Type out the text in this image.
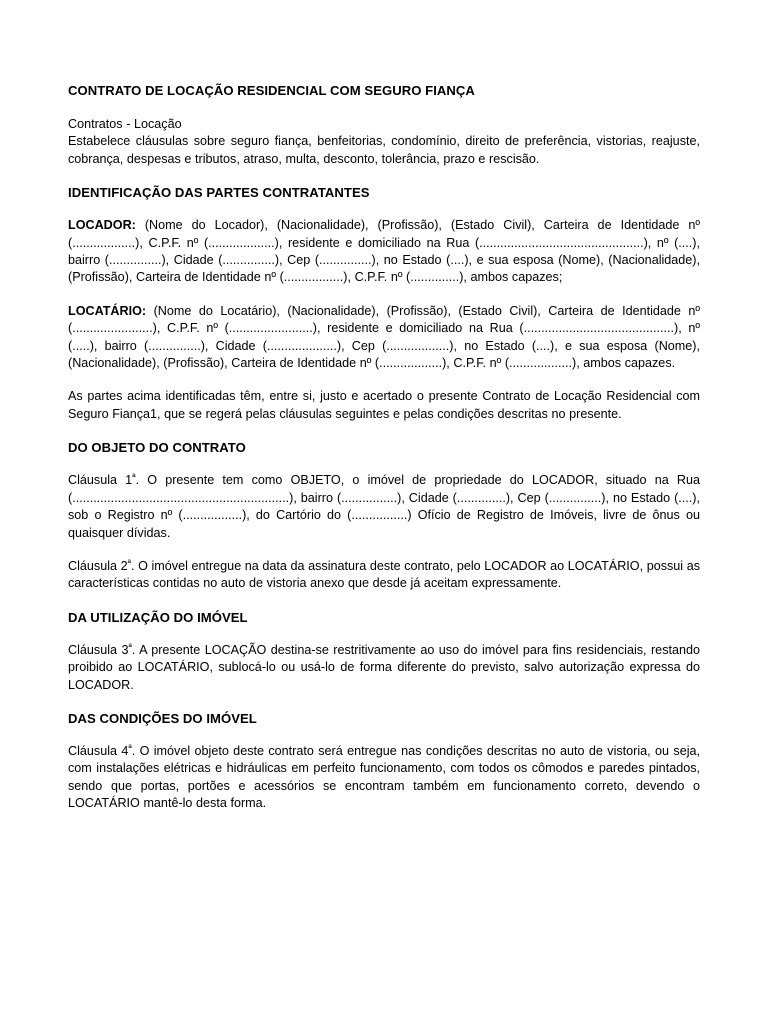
CONTRATO DE LOCAÇÃO RESIDENCIAL COM SEGURO FIANÇA

Contratos - Locação

Estabelece cláusulas sobre seguro fiança, benfeitorias, condomínio, direito de preferência, vistorias, reajuste, cobrança, despesas e tributos, atraso, multa, desconto, tolerância, prazo e rescisão.

IDENTIFICAÇÃO DAS PARTES CONTRATANTES

LOCADOR: (Nome do Locador), (Nacionalidade), (Profissão), (Estado Civil), Carteira de Identidade nº (..................), C.P.F. nº (...................), residente e domiciliado na Rua (...............................................), nº (....), bairro (...............), Cidade (...............), Cep (...............), no Estado (....), e sua esposa (Nome), (Nacionalidade), (Profissão), Carteira de Identidade nº (.................), C.P.F. nº (..............), ambos capazes;

LOCATÁRIO: (Nome do Locatário), (Nacionalidade), (Profissão), (Estado Civil), Carteira de Identidade nº (.......................), C.P.F. nº (........................), residente e domiciliado na Rua (...........................................), nº (.....), bairro (...............), Cidade (....................), Cep (..................), no Estado (....), e sua esposa (Nome), (Nacionalidade), (Profissão), Carteira de Identidade nº (..................), C.P.F. nº (..................), ambos capazes.

As partes acima identificadas têm, entre si, justo e acertado o presente Contrato de Locação Residencial com Seguro Fiança1, que se regerá pelas cláusulas seguintes e pelas condições descritas no presente.

DO OBJETO DO CONTRATO

Cláusula $1^ª$. O presente tem como OBJETO, o imóvel de propriedade do LOCADOR, situado na Rua (..............................................................), bairro (................), Cidade (..............), Cep (...............), no Estado (....), sob o Registro nº (.................), do Cartório do (................) Ofício de Registro de Imóveis, livre de ônus ou quaisquer dívidas.

Cláusula $2^ª$. O imóvel entregue na data da assinatura deste contrato, pelo LOCADOR ao LOCATÁRIO, possui as características contidas no auto de vistoria anexo que desde já aceitam expressamente.

DA UTILIZAÇÃO DO IMÓVEL

Cláusula $3^ª$. A presente LOCAÇÃO destina-se restritivamente ao uso do imóvel para fins residenciais, restando proibido ao LOCATÁRIO, sublocá-lo ou usá-lo de forma diferente do previsto, salvo autorização expressa do LOCADOR.

DAS CONDIÇÕES DO IMÓVEL

Cláusula $4^ª$. O imóvel objeto deste contrato será entregue nas condições descritas no auto de vistoria, ou seja, com instalações elétricas e hidráulicas em perfeito funcionamento, com todos os cômodos e paredes pintados, sendo que portas, portões e acessórios se encontram também em funcionamento correto, devendo o LOCATÁRIO mantê-lo desta forma.
